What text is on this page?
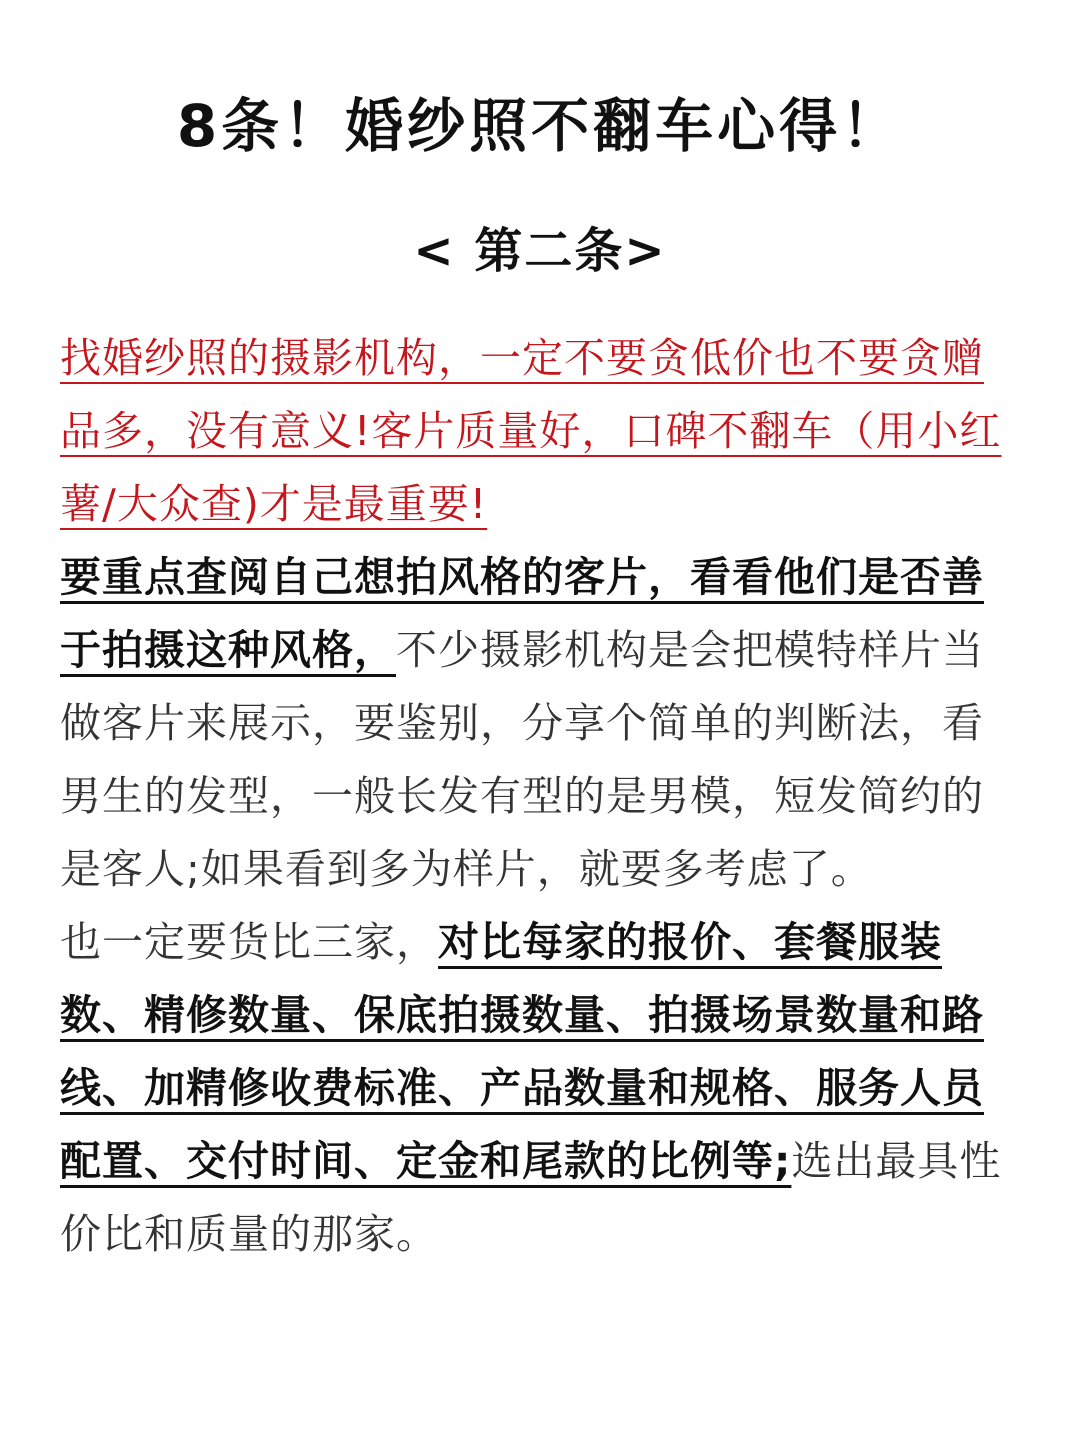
8条！婚纱照不翻车心得！
< 第二条>

找婚纱照的摄影机构，一定不要贪低价也不要贪赠品多，没有意义!客片质量好，口碑不翻车（用小红薯/大众查)才是最重要!

要重点查阅自己想拍风格的客片，看看他们是否善于拍摄这种风格，不少摄影机构是会把模特样片当做客片来展示，要鉴别，分享个简单的判断法，看男生的发型，一般长发有型的是男模，短发简约的是客人;如果看到多为样片，就要多考虑了。

也一定要货比三家，对比每家的报价、套餐服装数、精修数量、保底拍摄数量、拍摄场景数量和路线、加精修收费标准、产品数量和规格、服务人员配置、交付时间、定金和尾款的比例等;选出最具性价比和质量的那家。
